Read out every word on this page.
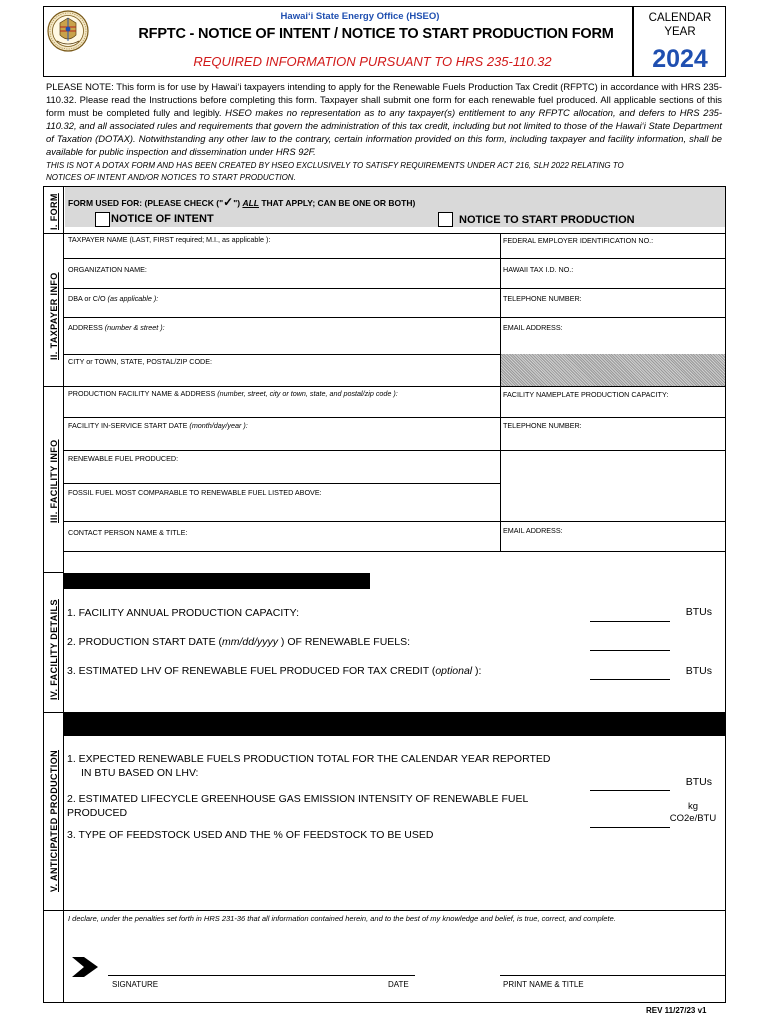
Hawai‘i State Energy Office (HSEO)
RFPTC - NOTICE OF INTENT / NOTICE TO START PRODUCTION FORM
REQUIRED INFORMATION PURSUANT TO HRS 235-110.32
CALENDAR
YEAR
2024
PLEASE NOTE: This form is for use by Hawai‘i taxpayers intending to apply for the Renewable Fuels Production Tax Credit (RFPTC) in accordance with HRS 235-110.32. Please read the Instructions before completing this form. Taxpayer shall submit one form for each renewable fuel produced. All applicable sections of this form must be completed fully and legibly. HSEO makes no representation as to any taxpayer(s) entitlement to any RFPTC allocation, and defers to HRS 235-110.32, and all associated rules and requirements that govern the administration of this tax credit, including but not limited to those of the Hawai‘i State Department of Taxation (DOTAX). Notwithstanding any other law to the contrary, certain information provided on this form, including taxpayer and facility information, shall be available for public inspection and dissemination under HRS 92F.
THIS IS NOT A DOTAX FORM AND HAS BEEN CREATED BY HSEO EXCLUSIVELY TO SATISFY REQUIREMENTS UNDER ACT 216, SLH 2022 RELATING TO
NOTICES OF INTENT AND/OR NOTICES TO START PRODUCTION.
I. FORM
II. TAXPAYER INFO
III. FACILITY INFO
IV. FACILITY DETAILS
V. ANTICIPATED PRODUCTION
FORM USED FOR: (PLEASE CHECK ("✓") ALL THAT APPLY; CAN BE ONE OR BOTH)
NOTICE OF INTENT	NOTICE TO START PRODUCTION
TAXPAYER NAME (LAST, FIRST required; M.I., as applicable ):	FEDERAL EMPLOYER IDENTIFICATION NO.:
ORGANIZATION NAME:	HAWAII TAX I.D. NO.:
DBA or C/O (as applicable ):	TELEPHONE NUMBER:
ADDRESS (number & street ):	EMAIL ADDRESS:
CITY or TOWN, STATE, POSTAL/ZIP CODE:
PRODUCTION FACILITY NAME & ADDRESS (number, street, city or town, state, and postal/zip code ):	FACILITY NAMEPLATE PRODUCTION CAPACITY:
FACILITY IN-SERVICE START DATE (month/day/year ):	TELEPHONE NUMBER:
RENEWABLE FUEL PRODUCED:
FOSSIL FUEL MOST COMPARABLE TO RENEWABLE FUEL LISTED ABOVE:
CONTACT PERSON NAME & TITLE:	EMAIL ADDRESS:
1. FACILITY ANNUAL PRODUCTION CAPACITY:	BTUs
2. PRODUCTION START DATE (mm/dd/yyyy ) OF RENEWABLE FUELS:
3. ESTIMATED LHV OF RENEWABLE FUEL PRODUCED FOR TAX CREDIT (optional ):	BTUs
1. EXPECTED RENEWABLE FUELS PRODUCTION TOTAL FOR THE CALENDAR YEAR REPORTED
IN BTU BASED ON LHV:
BTUs
2. ESTIMATED LIFECYCLE GREENHOUSE GAS EMISSION INTENSITY OF RENEWABLE FUEL
PRODUCED
kg
CO2e/BTU
3. TYPE OF FEEDSTOCK USED AND THE % OF FEEDSTOCK TO BE USED
I declare, under the penalties set forth in HRS 231-36 that all information contained herein, and to the best of my knowledge and belief, is true, correct, and complete.
SIGNATURE	DATE	PRINT NAME & TITLE
REV 11/27/23 v1
